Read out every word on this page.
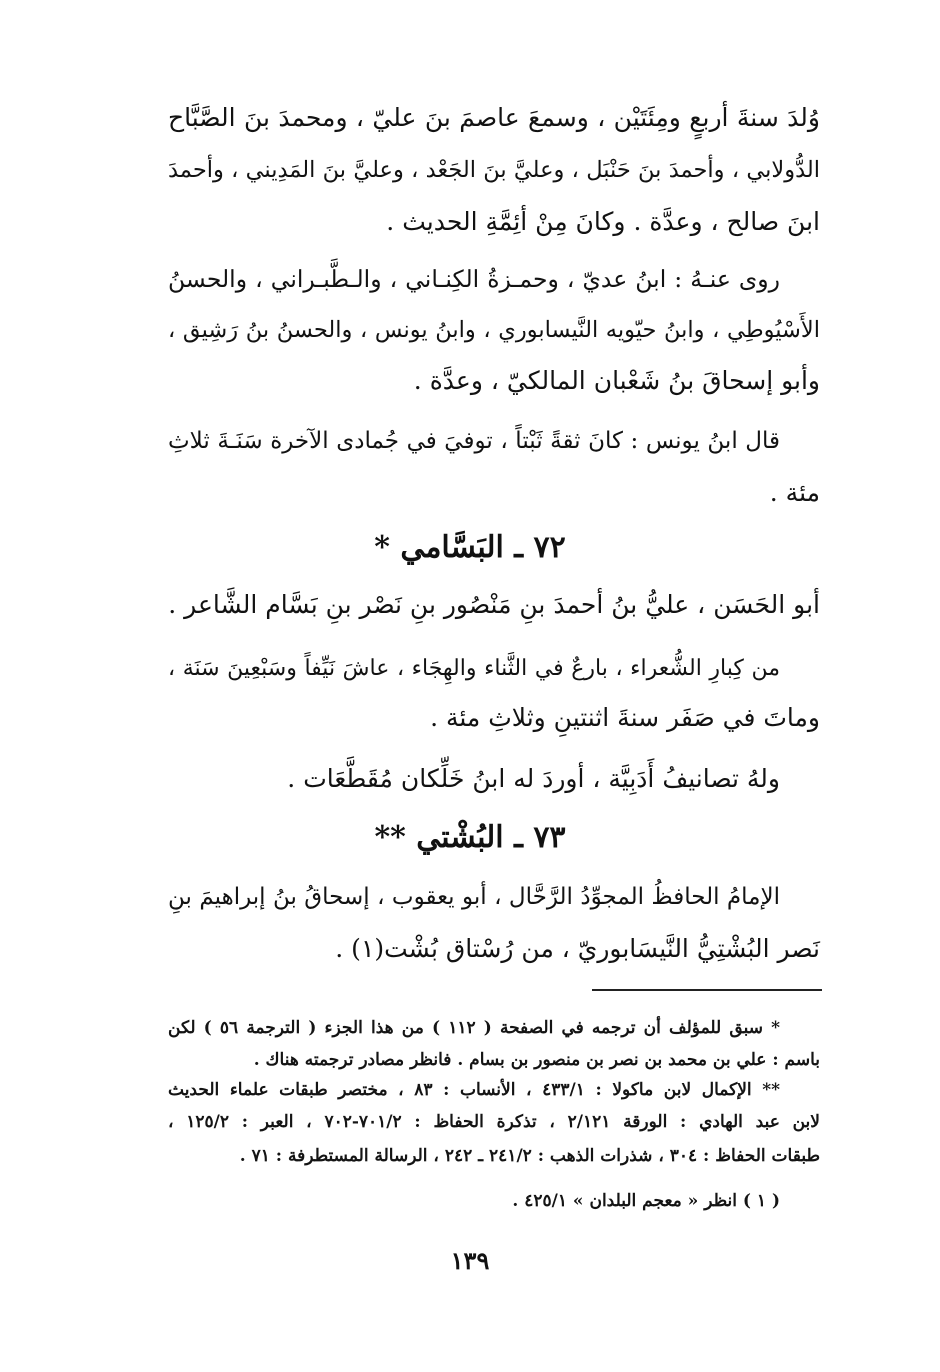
وُلدَ سنةَ أربعٍ ومِئَتَيْن ، وسمعَ عاصمَ بنَ عليّ ، ومحمدَ بنَ الصَّبَّاح
الدُّولابي ، وأحمدَ بنَ حَنْبَل ، وعليَّ بنَ الجَعْد ، وعليَّ بنَ المَدِيني ، وأحمدَ
ابنَ صالح ، وعدَّة . وكانَ مِنْ أئِمَّةِ الحديث .
روى عنـهُ : ابنُ عديّ ، وحمـزةُ الكِنـاني ، والـطَّبـراني ، والحسنُ
الأَسْيُوطِي ، وابنُ حيّويه النَّيسابوري ، وابنُ يونس ، والحسنُ بنُ رَشِيق ،
وأبو إسحاقَ بنُ شَعْبان المالكيّ ، وعدَّة .
قال ابنُ يونس : كانَ ثقةً ثَبْتاً ، توفيَ في جُمادى الآخرة سَنَـةَ ثلاثِ
مئة .
٧٢ ـ البَسَّامي *
أبو الحَسَن ، عليُّ بنُ أحمدَ بنِ مَنْصُور بنِ نَصْر بنِ بَسَّام الشَّاعر .
من كِبارِ الشُّعراء ، بارعٌ في الثَّناء والهِجَاء ، عاشَ نَيِّفاً وسَبْعِينَ سَنَة ،
وماتَ في صَفَر سنةَ اثنتينِ وثلاثِ مئة .
ولهُ تصانيفُ أَدَبِيَّة ، أوردَ له ابنُ خَلِّكان مُقَطَّعَات .
٧٣ ـ البُشْتي **
الإمامُ الحافظُ المجوِّدُ الرَّحَّال ، أبو يعقوب ، إسحاقُ بنُ إبراهيمَ بنِ
نَصر البُشْتِيُّ النَّيسَابوريّ ، من رُسْتاق بُشْت(١) .
* سبق للمؤلف أن ترجمه في الصفحة ( ١١٢ ) من هذا الجزء ( الترجمة ٥٦ ) لكن
باسم : علي بن محمد بن نصر بن منصور بن بسام . فانظر مصادر ترجمته هناك .
** الإكمال لابن ماكولا : ٤٣٣/١ ، الأنساب : ٨٣ ، مختصر طبقات علماء الحديث
لابن عبد الهادي : الورقة ٢/١٢١ ، تذكرة الحفاظ : ٧٠١/٢-٧٠٢ ، العبر : ١٢٥/٢ ،
طبقات الحفاظ : ٣٠٤ ، شذرات الذهب : ٢٤١/٢ ـ ٢٤٢ ، الرسالة المستطرفة : ٧١ .
( ١ ) انظر « معجم البلدان » ٤٢٥/١ .
١٣٩
